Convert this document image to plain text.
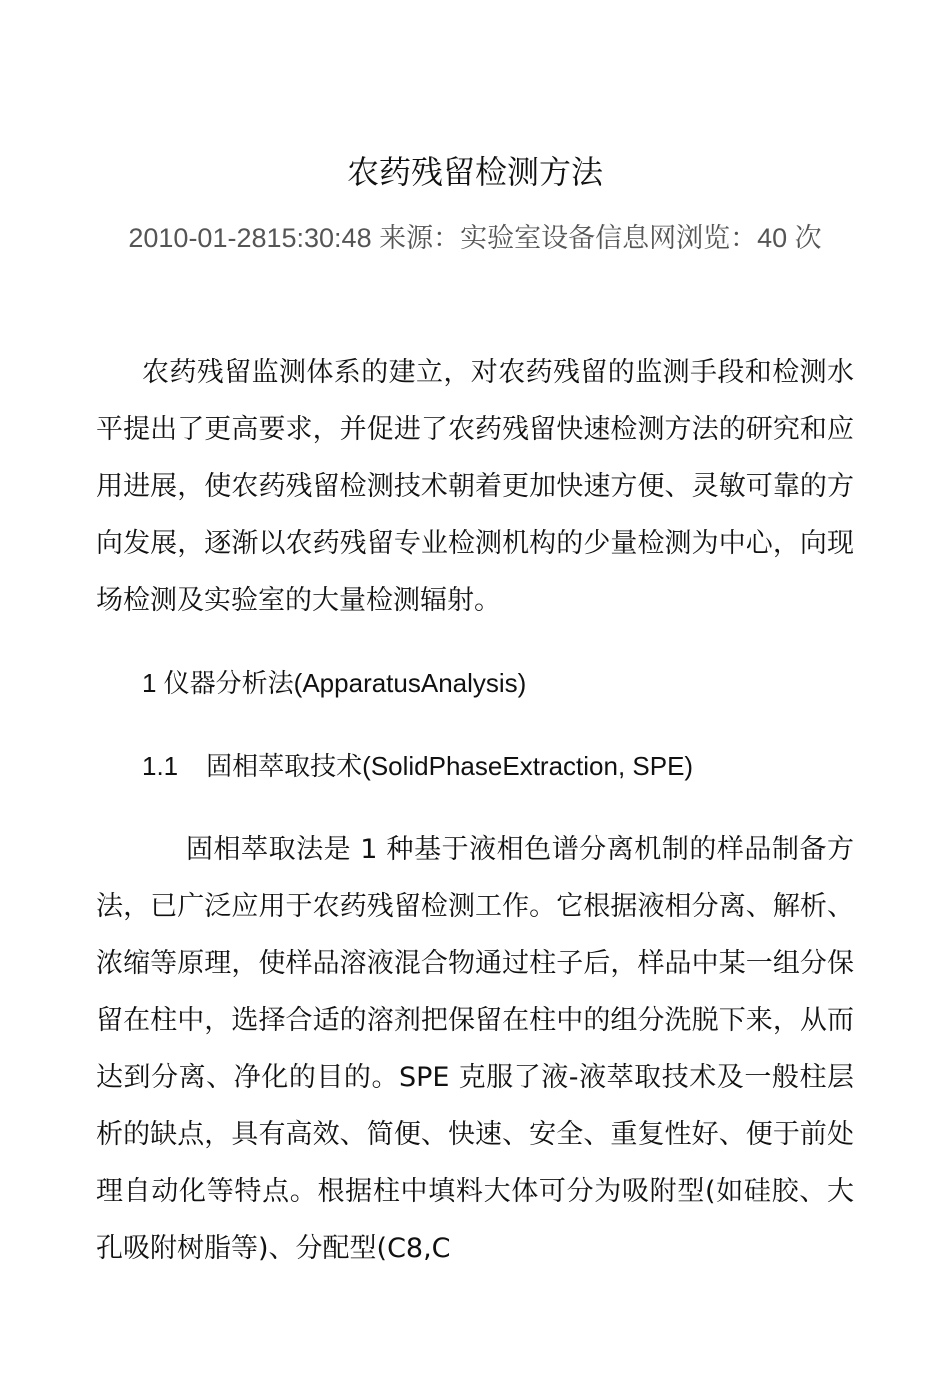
农药残留检测方法
2010-01-2815:30:48 来源：实验室设备信息网浏览：40 次

农药残留监测体系的建立，对农药残留的监测手段和检测水平提出了更高要求，并促进了农药残留快速检测方法的研究和应用进展，使农药残留检测技术朝着更加快速方便、灵敏可靠的方向发展，逐渐以农药残留专业检测机构的少量检测为中心，向现场检测及实验室的大量检测辐射。

1 仪器分析法(ApparatusAnalysis)

1.1 固相萃取技术(SolidPhaseExtraction, SPE)

固相萃取法是 1 种基于液相色谱分离机制的样品制备方法，已广泛应用于农药残留检测工作。它根据液相分离、解析、浓缩等原理，使样品溶液混合物通过柱子后，样品中某一组分保留在柱中，选择合适的溶剂把保留在柱中的组分洗脱下来，从而达到分离、净化的目的。SPE 克服了液-液萃取技术及一般柱层析的缺点，具有高效、简便、快速、安全、重复性好、便于前处理自动化等特点。根据柱中填料大体可分为吸附型(如硅胶、大孔吸附树脂等)、分配型(C8,C
